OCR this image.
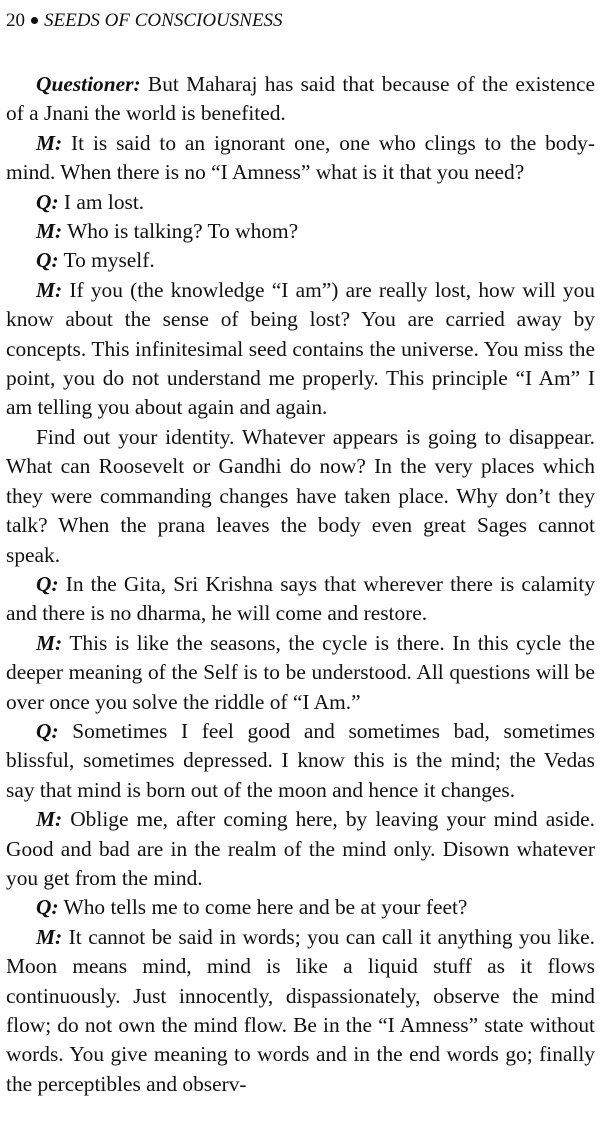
20 SEEDS OF CONSCIOUSNESS

Questioner: But Maharaj has said that because of the existence of a Jnani the world is benefited.

M: It is said to an ignorant one, one who clings to the body-mind. When there is no “I Amness” what is it that you need?

Q: I am lost.

M: Who is talking? To whom?

Q: To myself.

M: If you (the knowledge “I am”) are really lost, how will you know about the sense of being lost? You are carried away by concepts. This infinitesimal seed contains the universe. You miss the point, you do not understand me properly. This principle “I Am” I am telling you about again and again.

Find out your identity. Whatever appears is going to disappear. What can Roosevelt or Gandhi do now? In the very places which they were commanding changes have taken place. Why don’t they talk? When the prana leaves the body even great Sages cannot speak.

Q: In the Gita, Sri Krishna says that wherever there is calamity and there is no dharma, he will come and restore.

M: This is like the seasons, the cycle is there. In this cycle the deeper meaning of the Self is to be understood. All questions will be over once you solve the riddle of “I Am.”

Q: Sometimes I feel good and sometimes bad, sometimes blissful, sometimes depressed. I know this is the mind; the Vedas say that mind is born out of the moon and hence it changes.

M: Oblige me, after coming here, by leaving your mind aside. Good and bad are in the realm of the mind only. Disown whatever you get from the mind.

Q: Who tells me to come here and be at your feet?

M: It cannot be said in words; you can call it anything you like. Moon means mind, mind is like a liquid stuff as it flows continuously. Just innocently, dispassionately, observe the mind flow; do not own the mind flow. Be in the “I Amness” state without words. You give meaning to words and in the end words go; finally the perceptibles and observ-
